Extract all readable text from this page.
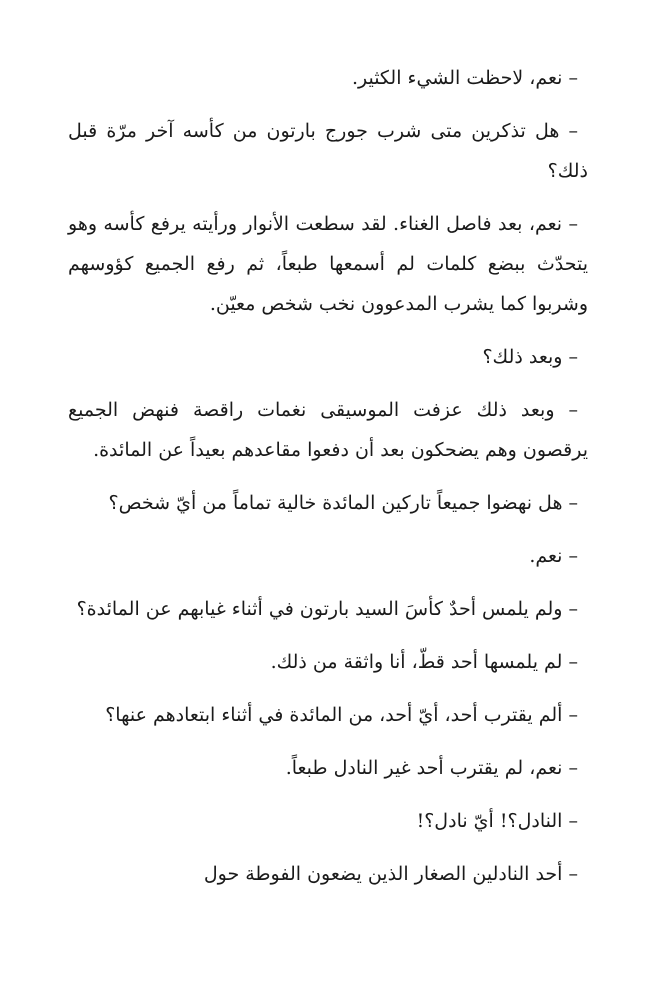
– نعم، لاحظت الشيء الكثير.

– هل تذكرين متى شرب جورج بارتون من كأسه آخر مرّة قبل ذلك؟

– نعم، بعد فاصل الغناء. لقد سطعت الأنوار ورأيته يرفع كأسه وهو يتحدّث ببضع كلمات لم أسمعها طبعاً، ثم رفع الجميع كؤوسهم وشربوا كما يشرب المدعوون نخب شخص معيّن.

– وبعد ذلك؟

– وبعد ذلك عزفت الموسيقى نغمات راقصة فنهض الجميع يرقصون وهم يضحكون بعد أن دفعوا مقاعدهم بعيداً عن المائدة.

– هل نهضوا جميعاً تاركين المائدة خالية تماماً من أيّ شخص؟

– نعم.

– ولم يلمس أحدٌ كأسَ السيد بارتون في أثناء غيابهم عن المائدة؟

– لم يلمسها أحد قطّ، أنا واثقة من ذلك.

– ألم يقترب أحد، أيّ أحد، من المائدة في أثناء ابتعادهم عنها؟

– نعم، لم يقترب أحد غير النادل طبعاً.

– النادل؟! أيّ نادل؟!

– أحد النادلين الصغار الذين يضعون الفوطة حول
